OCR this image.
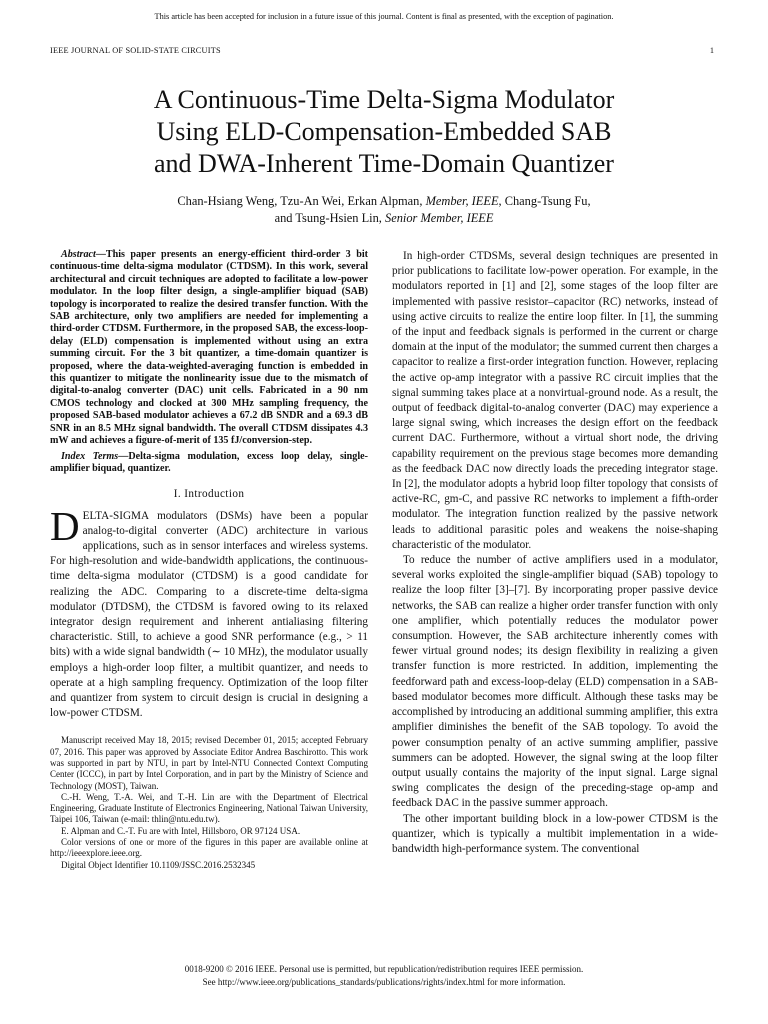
This article has been accepted for inclusion in a future issue of this journal. Content is final as presented, with the exception of pagination.
IEEE JOURNAL OF SOLID-STATE CIRCUITS	1
A Continuous-Time Delta-Sigma Modulator
Using ELD-Compensation-Embedded SAB
and DWA-Inherent Time-Domain Quantizer
Chan-Hsiang Weng, Tzu-An Wei, Erkan Alpman, Member, IEEE, Chang-Tsung Fu,
and Tsung-Hsien Lin, Senior Member, IEEE

Abstract—This paper presents an energy-efficient third-order 3 bit continuous-time delta-sigma modulator (CTDSM). In this work, several architectural and circuit techniques are adopted to facilitate a low-power modulator. In the loop filter design, a single-amplifier biquad (SAB) topology is incorporated to realize the desired transfer function. With the SAB architecture, only two amplifiers are needed for implementing a third-order CTDSM. Furthermore, in the proposed SAB, the excess-loop-delay (ELD) compensation is implemented without using an extra summing circuit. For the 3 bit quantizer, a time-domain quantizer is proposed, where the data-weighted-averaging function is embedded in this quantizer to mitigate the nonlinearity issue due to the mismatch of digital-to-analog converter (DAC) unit cells. Fabricated in a 90 nm CMOS technology and clocked at 300 MHz sampling frequency, the proposed SAB-based modulator achieves a 67.2 dB SNDR and a 69.3 dB SNR in an 8.5 MHz signal bandwidth. The overall CTDSM dissipates 4.3 mW and achieves a figure-of-merit of 135 fJ/conversion-step.

Index Terms—Delta-sigma modulation, excess loop delay, single-amplifier biquad, quantizer.

I. Introduction

DELTA-SIGMA modulators (DSMs) have been a popular analog-to-digital converter (ADC) architecture in various applications, such as in sensor interfaces and wireless systems. For high-resolution and wide-bandwidth applications, the continuous-time delta-sigma modulator (CTDSM) is a good candidate for realizing the ADC. Comparing to a discrete-time delta-sigma modulator (DTDSM), the CTDSM is favored owing to its relaxed integrator design requirement and inherent antialiasing filtering characteristic. Still, to achieve a good SNR performance (e.g., > 11 bits) with a wide signal bandwidth (∼ 10 MHz), the modulator usually employs a high-order loop filter, a multibit quantizer, and needs to operate at a high sampling frequency. Optimization of the loop filter and quantizer from system to circuit design is crucial in designing a low-power CTDSM.

Manuscript received May 18, 2015; revised December 01, 2015; accepted February 07, 2016. This paper was approved by Associate Editor Andrea Baschirotto. This work was supported in part by NTU, in part by Intel-NTU Connected Context Computing Center (ICCC), in part by Intel Corporation, and in part by the Ministry of Science and Technology (MOST), Taiwan.

C.-H. Weng, T.-A. Wei, and T.-H. Lin are with the Department of Electrical Engineering, Graduate Institute of Electronics Engineering, National Taiwan University, Taipei 106, Taiwan (e-mail: thlin@ntu.edu.tw).

E. Alpman and C.-T. Fu are with Intel, Hillsboro, OR 97124 USA.

Color versions of one or more of the figures in this paper are available online at http://ieeexplore.ieee.org.

Digital Object Identifier 10.1109/JSSC.2016.2532345

In high-order CTDSMs, several design techniques are presented in prior publications to facilitate low-power operation. For example, in the modulators reported in [1] and [2], some stages of the loop filter are implemented with passive resistor–capacitor (RC) networks, instead of using active circuits to realize the entire loop filter. In [1], the summing of the input and feedback signals is performed in the current or charge domain at the input of the modulator; the summed current then charges a capacitor to realize a first-order integration function. However, replacing the active op-amp integrator with a passive RC circuit implies that the signal summing takes place at a nonvirtual-ground node. As a result, the output of feedback digital-to-analog converter (DAC) may experience a large signal swing, which increases the design effort on the feedback current DAC. Furthermore, without a virtual short node, the driving capability requirement on the previous stage becomes more demanding as the feedback DAC now directly loads the preceding integrator stage. In [2], the modulator adopts a hybrid loop filter topology that consists of active-RC, gm-C, and passive RC networks to implement a fifth-order modulator. The integration function realized by the passive network leads to additional parasitic poles and weakens the noise-shaping characteristic of the modulator.

To reduce the number of active amplifiers used in a modulator, several works exploited the single-amplifier biquad (SAB) topology to realize the loop filter [3]–[7]. By incorporating proper passive device networks, the SAB can realize a higher order transfer function with only one amplifier, which potentially reduces the modulator power consumption. However, the SAB architecture inherently comes with fewer virtual ground nodes; its design flexibility in realizing a given transfer function is more restricted. In addition, implementing the feedforward path and excess-loop-delay (ELD) compensation in a SAB-based modulator becomes more difficult. Although these tasks may be accomplished by introducing an additional summing amplifier, this extra amplifier diminishes the benefit of the SAB topology. To avoid the power consumption penalty of an active summing amplifier, passive summers can be adopted. However, the signal swing at the loop filter output usually contains the majority of the input signal. Large signal swing complicates the design of the preceding-stage op-amp and feedback DAC in the passive summer approach.

The other important building block in a low-power CTDSM is the quantizer, which is typically a multibit implementation in a wide-bandwidth high-performance system. The conventional

0018-9200 © 2016 IEEE. Personal use is permitted, but republication/redistribution requires IEEE permission.
See http://www.ieee.org/publications_standards/publications/rights/index.html for more information.
